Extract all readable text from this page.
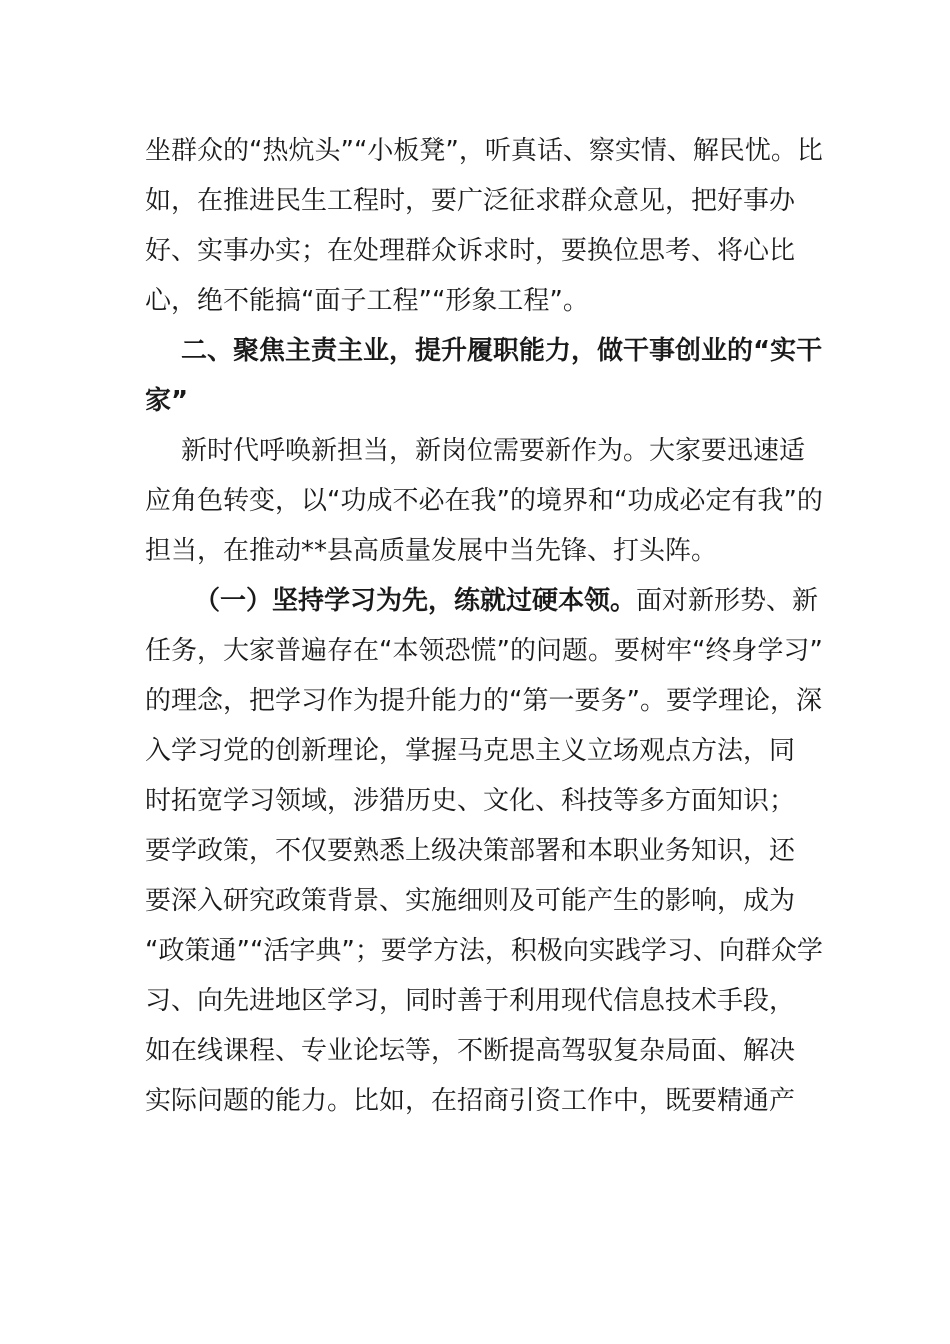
坐群众的“热炕头”“小板凳”，听真话、察实情、解民忧。比
如，在推进民生工程时，要广泛征求群众意见，把好事办
好、实事办实；在处理群众诉求时，要换位思考、将心比
心，绝不能搞“面子工程”“形象工程”。
二、聚焦主责主业，提升履职能力，做干事创业的“实干
家”
新时代呼唤新担当，新岗位需要新作为。大家要迅速适
应角色转变，以“功成不必在我”的境界和“功成必定有我”的
担当，在推动**县高质量发展中当先锋、打头阵。
（一）坚持学习为先，练就过硬本领。面对新形势、新
任务，大家普遍存在“本领恐慌”的问题。要树牢“终身学习”
的理念，把学习作为提升能力的“第一要务”。要学理论，深
入学习党的创新理论，掌握马克思主义立场观点方法，同
时拓宽学习领域，涉猎历史、文化、科技等多方面知识；
要学政策，不仅要熟悉上级决策部署和本职业务知识，还
要深入研究政策背景、实施细则及可能产生的影响，成为
“政策通”“活字典”；要学方法，积极向实践学习、向群众学
习、向先进地区学习，同时善于利用现代信息技术手段，
如在线课程、专业论坛等，不断提高驾驭复杂局面、解决
实际问题的能力。比如，在招商引资工作中，既要精通产
